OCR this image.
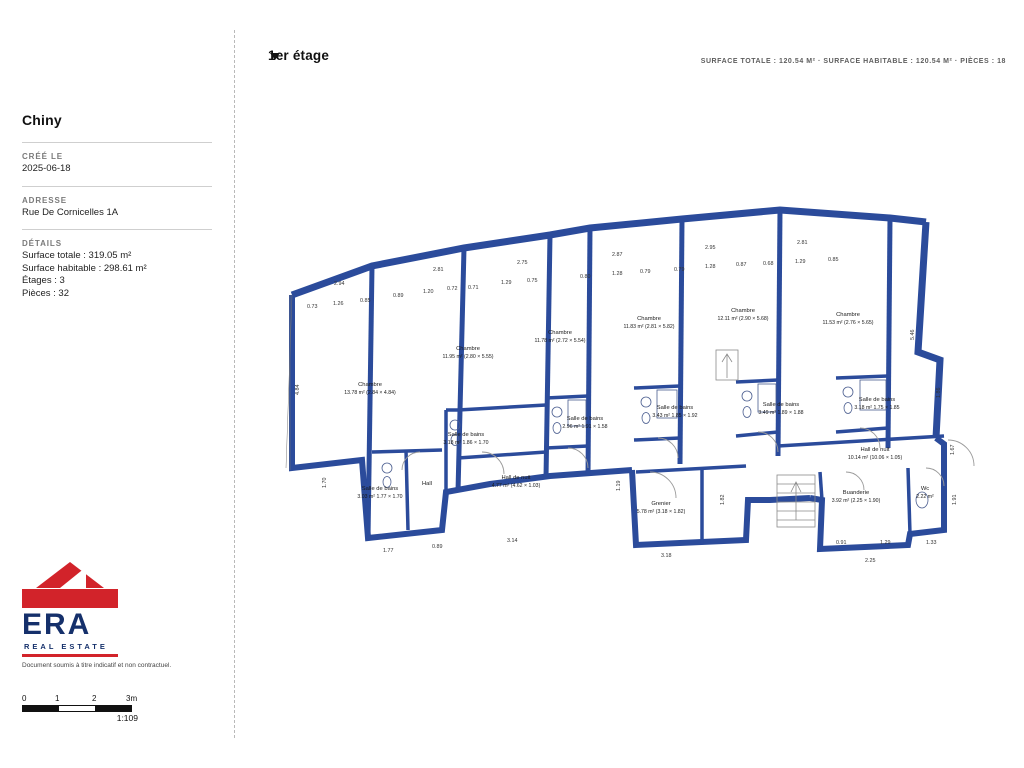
Chiny
CRÉÉ LE
2025-06-18
ADRESSE
Rue De Cornicelles 1A
DÉTAILS
Surface totale : 319.05 m²
Surface habitable : 298.61 m²
Étages : 3
Pièces : 32
ERA
REAL ESTATE
Document soumis à titre indicatif et non contractuel.
0	1	2	3m
1:109
1er étage	SURFACE TOTALE : 120.54 M² · SURFACE HABITABLE : 120.54 M² · PIÈCES : 18
Chambre
13.78 m² (2.84 × 4.84)
Chambre
11.95 m² (2.80 × 5.55)
Chambre
11.78 m² (2.72 × 5.54)
Chambre
11.83 m² (2.81 × 5.82)
Chambre
12.11 m² (2.90 × 5.68)
Chambre
11.53 m² (2.76 × 5.65)
Salle de bains
3.18 m² 1.86 × 1.70
Salle de bains
3.03 m² 1.77 × 1.70
Salle de bains
2.96 m² 1.91 × 1.58
Salle de bains
3.43 m² 1.85 × 1.92
Salle de bains
3.49 m² 1.89 × 1.88
Salle de bains
3.18 m² 1.75 × 1.85
Hall
Hall de nuit
4.77 m² (4.62 × 1.03)
Hall de nuit
10.14 m² (10.06 × 1.05)
Grenier
5.78 m² (3.18 × 1.82)
Buanderie
3.92 m² (2.25 × 1.90)
Wc
2.22 m²
0.73	1.26	0.85
2.94
0.89
1.20	0.72 0.71
2.81
1.29	0.75
2.75
0.80	1.28	0.79
2.87
0.79	1.28	0.87
2.95
0.68	1.29	0.85
2.81
4.84
1.70
5.46
1.86
1.67
1.91
1.19
1.82
1.77
0.89
3.14
3.18
0.91	1.29	1.33
2.25
